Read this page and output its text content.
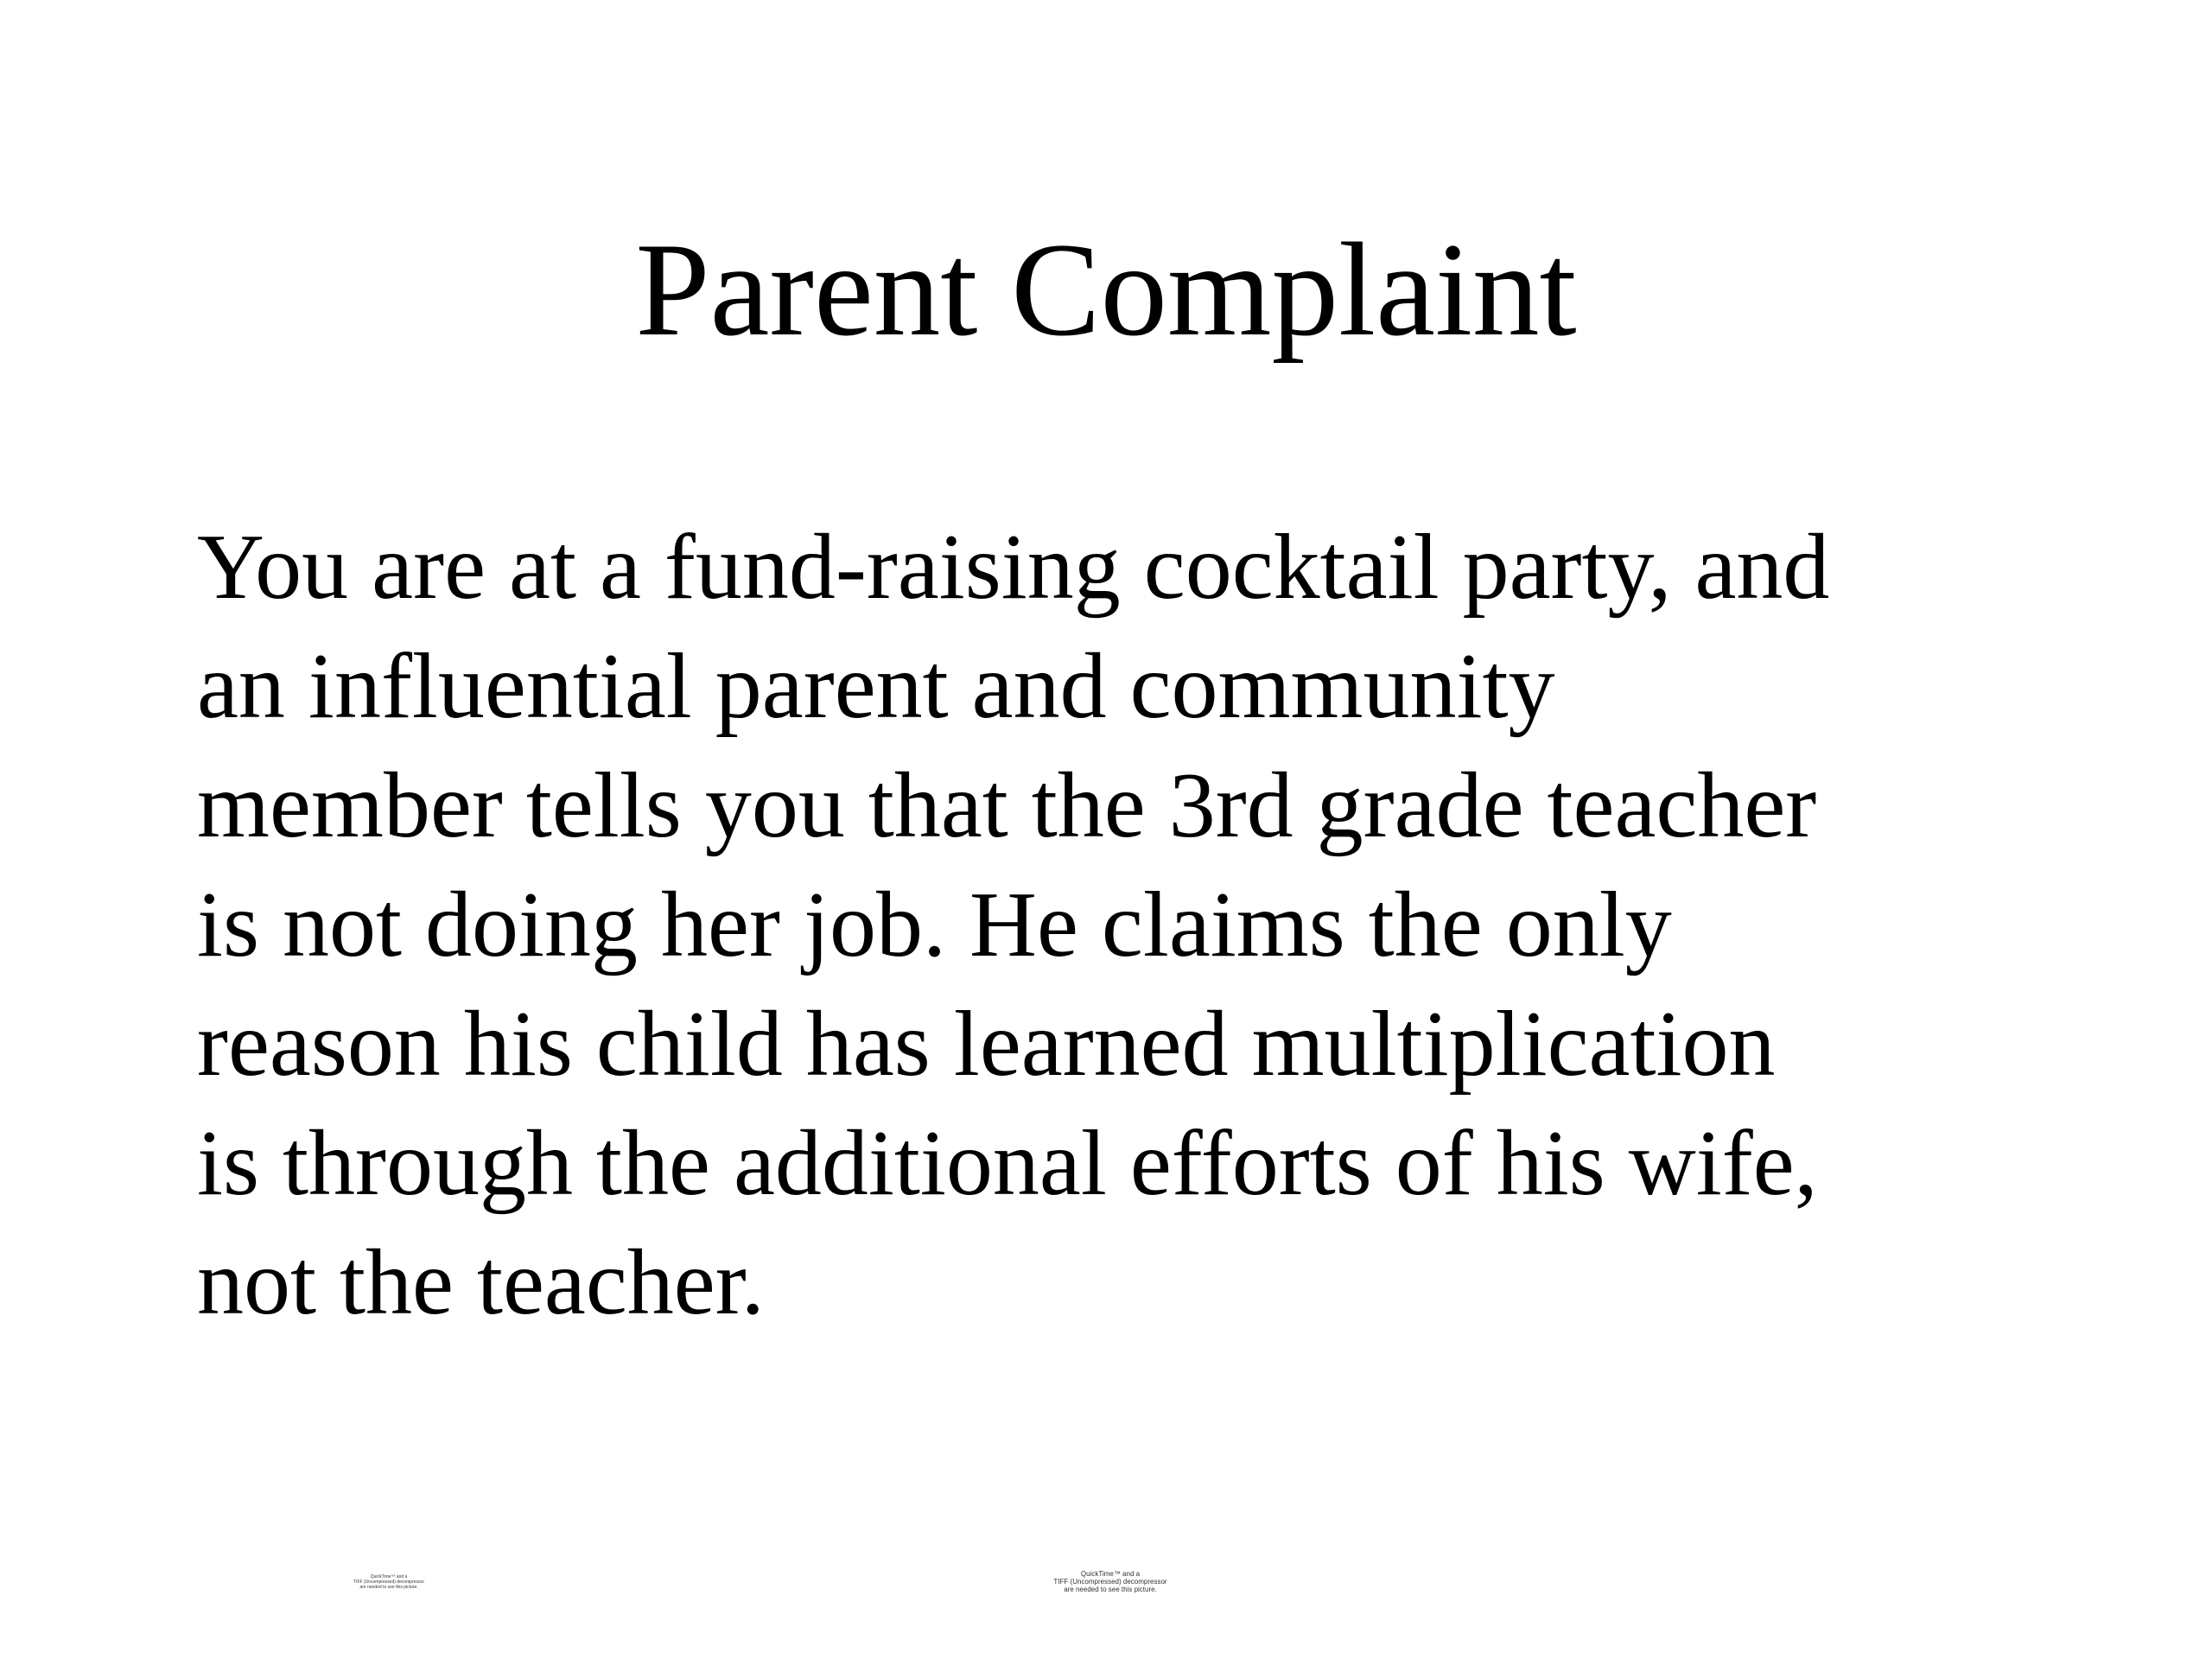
Parent Complaint

You are at a fund-raising cocktail party, and
an influential parent and community
member tells you that the 3rd grade teacher
is not doing her job. He claims the only
reason his child has learned multiplication
is through the additional efforts of his wife,
not the teacher.

QuickTime™ and a
TIFF (Uncompressed) decompressor
are needed to see this picture.
QuickTime™ and a
TIFF (Uncompressed) decompressor
are needed to see this picture.
